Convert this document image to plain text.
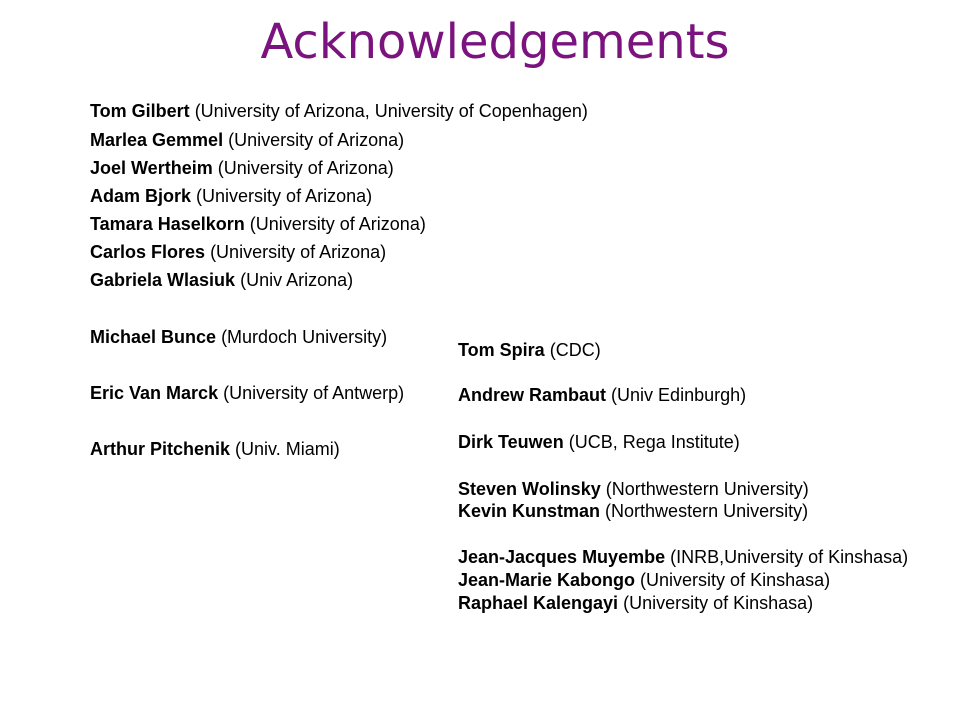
Acknowledgements
Tom Gilbert (University of Arizona, University of Copenhagen)
Marlea Gemmel (University of Arizona)
Joel Wertheim (University of Arizona)
Adam Bjork (University of Arizona)
Tamara Haselkorn (University of Arizona)
Carlos Flores (University of Arizona)
Gabriela Wlasiuk (Univ Arizona)
Michael Bunce (Murdoch University)
Eric Van Marck (University of Antwerp)
Arthur Pitchenik (Univ. Miami)
Tom Spira (CDC)
Andrew Rambaut (Univ Edinburgh)
Dirk Teuwen (UCB, Rega Institute)
Steven Wolinsky (Northwestern University)
Kevin Kunstman (Northwestern University)
Jean-Jacques Muyembe (INRB,University of Kinshasa)
Jean-Marie Kabongo (University of Kinshasa)
Raphael Kalengayi (University of Kinshasa)
